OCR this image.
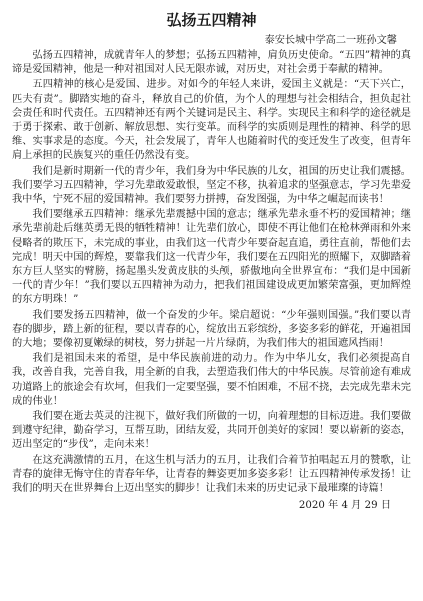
弘扬五四精神
泰安长城中学高二一班孙文馨
弘扬五四精神，成就青年人的梦想；弘扬五四精神，肩负历史使命。“五四”精神的真谛是爱国精神，他是一种对祖国对人民无限赤诚，对历史，对社会勇于奉献的精神。
五四精神的核心是爱国、进步。对如今的年轻人来讲，爱国主义就是：“天下兴亡，匹夫有责”。脚踏实地的奋斗，释放自己的价值，为个人的理想与社会相结合，担负起社会责任和时代责任。五四精神还有两个关键词是民主、科学。实现民主和科学的途径就是于勇于探索、敢于创新、解放思想、实行变革。而科学的实质则是理性的精神、科学的思维、实事求是的态度。今天，社会发展了，青年人也随着时代的变迁发生了改变，但青年肩上承担的民族复兴的重任仍然没有变。
我们是新时期新一代的青少年，我们身为中华民族的儿女，祖国的历史让我们震撼。我们要学习五四精神，学习先辈敢爱敢恨，坚定不移，执着追求的坚强意志，学习先辈爱我中华，宁死不屈的爱国精神。我们要努力拼搏，奋发图强，为中华之崛起而读书！
我们要继承五四精神：继承先辈震撼中国的意志；继承先辈永垂不朽的爱国精神；继承先辈前赴后继英勇无畏的牺牲精神！让先辈们放心，即使不再让他们在枪林弹雨和外来侵略者的欺压下，未完成的事业，由我们这一代青少年要奋起直追，勇往直前，帮他们去完成！明天中国的辉煌，要靠我们这一代青少年，我们要在五四阳光的照耀下，双脚踏着东方巨人坚实的臂膀，扬起墨头发黄皮肤的头颅，骄傲地向全世界宣布：“我们是中国新一代的青少年！”我们要以五四精神为动力，把我们祖国建设成更加繁荣富强，更加辉煌的东方明珠！”
我们要发扬五四精神，做一个奋发的少年。梁启超说：“少年强则国强。”我们要以青春的脚步，踏上新的征程，要以青春的心，绽放出五彩缤纷，多姿多彩的鲜花，开遍祖国的大地；要像初夏嫩绿的树枝，努力拼起一片片绿荫，为我们伟大的祖国遮风挡雨！
我们是祖国未来的希望，是中华民族前进的动力。作为中华儿女，我们必须提高自我，改善自我，完善自我，用全新的自我，去塑造我们伟大的中华民族。尽管前途有难成功道路上的旅途会有坎坷，但我们一定要坚强，要不怕困难，不屈不挠，去完成先辈未完成的伟业！
我们要在逝去英灵的注视下，做好我们所做的一切，向着理想的目标迈进。我们要做到遵守纪律，勤奋学习，互帮互助，团结友爱，共同开创美好的家园！要以崭新的姿态，迈出坚定的“步伐”，走向未来！
在这充满激情的五月，在这生机与活力的五月，让我们合着节拍唱起五月的赞歌，让青春的旋律无悔守住的青春年华，让青春的舞姿更加多姿多彩！让五四精神传承发扬！让我们的明天在世界舞台上迈出坚实的脚步！让我们未来的历史记录下最璀璨的诗篇！
2020 年 4 月 29 日
